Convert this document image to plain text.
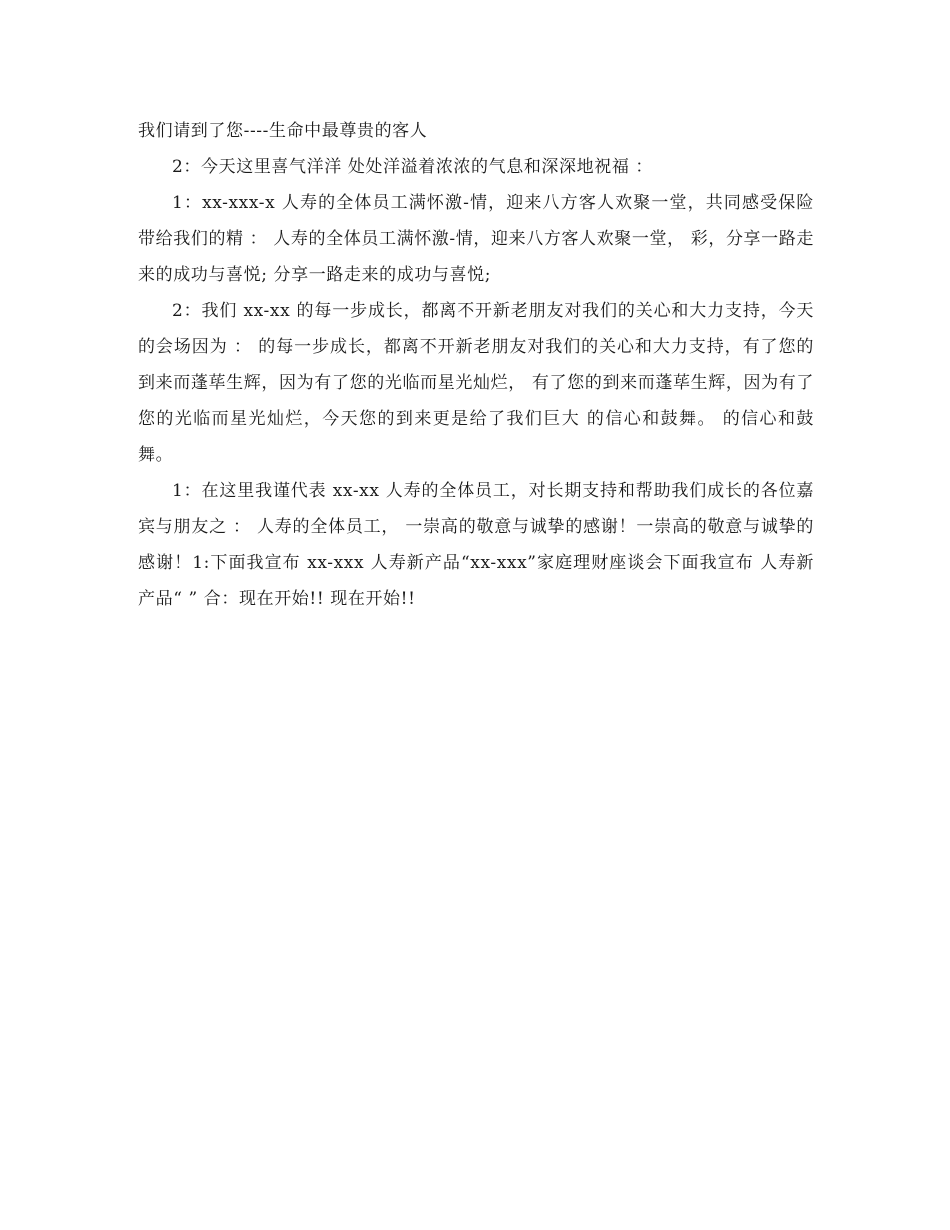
我们请到了您----生命中最尊贵的客人

2：今天这里喜气洋洋 处处洋溢着浓浓的气息和深深地祝福 ：

1：xx-xxx-x 人寿的全体员工满怀激-情，迎来八方客人欢聚一堂，共同感受保险带给我们的精 ： 人寿的全体员工满怀激-情，迎来八方客人欢聚一堂， 彩，分享一路走来的成功与喜悦; 分享一路走来的成功与喜悦;

2：我们 xx-xx 的每一步成长，都离不开新老朋友对我们的关心和大力支持，今天的会场因为 ： 的每一步成长，都离不开新老朋友对我们的关心和大力支持，有了您的到来而蓬荜生辉，因为有了您的光临而星光灿烂， 有了您的到来而蓬荜生辉，因为有了您的光临而星光灿烂，今天您的到来更是给了我们巨大 的信心和鼓舞。 的信心和鼓舞。

1：在这里我谨代表 xx-xx 人寿的全体员工，对长期支持和帮助我们成长的各位嘉宾与朋友之 ： 人寿的全体员工， 一崇高的敬意与诚挚的感谢！一崇高的敬意与诚挚的感谢！1:下面我宣布 xx-xxx 人寿新产品“xx-xxx”家庭理财座谈会下面我宣布 人寿新产品“ ” 合：现在开始!! 现在开始!!
